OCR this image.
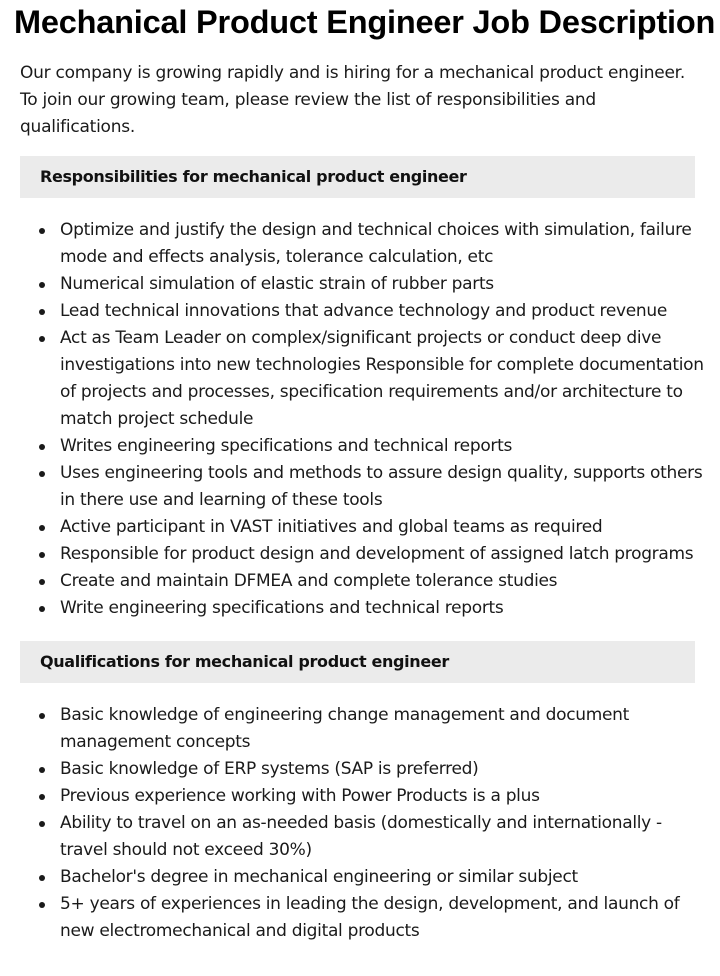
Mechanical Product Engineer Job Description

Our company is growing rapidly and is hiring for a mechanical product engineer. To join our growing team, please review the list of responsibilities and qualifications.

Responsibilities for mechanical product engineer
Optimize and justify the design and technical choices with simulation, failure mode and effects analysis, tolerance calculation, etc
Numerical simulation of elastic strain of rubber parts
Lead technical innovations that advance technology and product revenue
Act as Team Leader on complex/significant projects or conduct deep dive investigations into new technologies Responsible for complete documentation of projects and processes, specification requirements and/or architecture to match project schedule
Writes engineering specifications and technical reports
Uses engineering tools and methods to assure design quality, supports others in there use and learning of these tools
Active participant in VAST initiatives and global teams as required
Responsible for product design and development of assigned latch programs
Create and maintain DFMEA and complete tolerance studies
Write engineering specifications and technical reports
Qualifications for mechanical product engineer
Basic knowledge of engineering change management and document management concepts
Basic knowledge of ERP systems (SAP is preferred)
Previous experience working with Power Products is a plus
Ability to travel on an as-needed basis (domestically and internationally - travel should not exceed 30%)
Bachelor's degree in mechanical engineering or similar subject
5+ years of experiences in leading the design, development, and launch of new electromechanical and digital products
